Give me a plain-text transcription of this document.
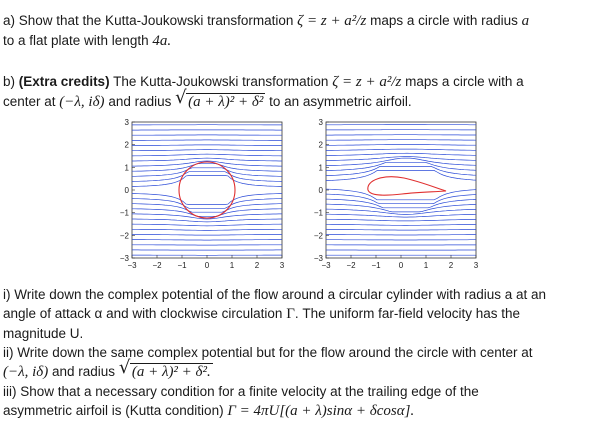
a) Show that the Kutta-Joukowski transformation ζ = z + a²/z maps a circle with radius a
to a flat plate with length 4a.
b) (Extra credits) The Kutta-Joukowski transformation ζ = z + a²/z maps a circle with a
center at (−λ, iδ) and radius √ (a + λ)² + δ² to an asymmetric airfoil.
3
2
1
0
−1
−2
−3
−3 −2 −1 0	1	2	3
3
2
1
0
−1
−2
−3
−3 −2 −1 0	1	2	3
i) Write down the complex potential of the flow around a circular cylinder with radius a at an
angle of attack α and with clockwise circulation Γ. The uniform far-field velocity has the
magnitude U.
ii) Write down the same complex potential but for the flow around the circle with center at
(−λ, iδ) and radius √ (a + λ)² + δ².
iii) Show that a necessary condition for a finite velocity at the trailing edge of the
asymmetric airfoil is (Kutta condition) Γ = 4πU[(a + λ)sinα + δcosα].
